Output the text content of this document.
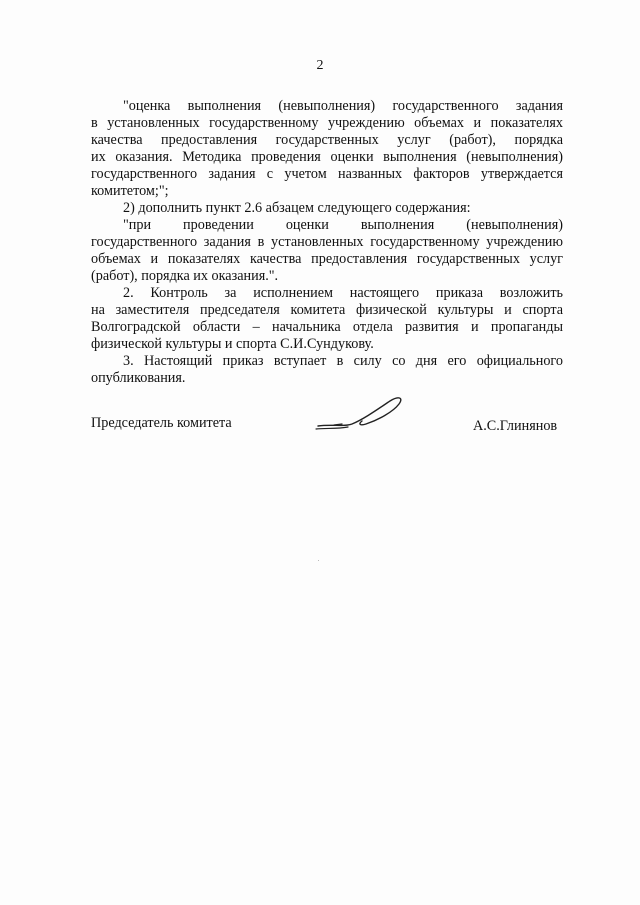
2
"оценка выполнения (невыполнения) государственного задания
в установленных государственному учреждению объемах и показателях
качества предоставления государственных услуг (работ), порядка
их оказания. Методика проведения оценки выполнения (невыполнения)
государственного задания с учетом названных факторов утверждается
комитетом;";
2) дополнить пункт 2.6 абзацем следующего содержания:
"при проведении оценки выполнения (невыполнения)
государственного задания в установленных государственному учреждению
объемах и показателях качества предоставления государственных услуг
(работ), порядка их оказания.".
2. Контроль за исполнением настоящего приказа возложить
на заместителя председателя комитета физической культуры и спорта
Волгоградской области – начальника отдела развития и пропаганды
физической культуры и спорта С.И.Сундукову.
3. Настоящий приказ вступает в силу со дня его официального
опубликования.
Председатель комитета	А.С.Глинянов
